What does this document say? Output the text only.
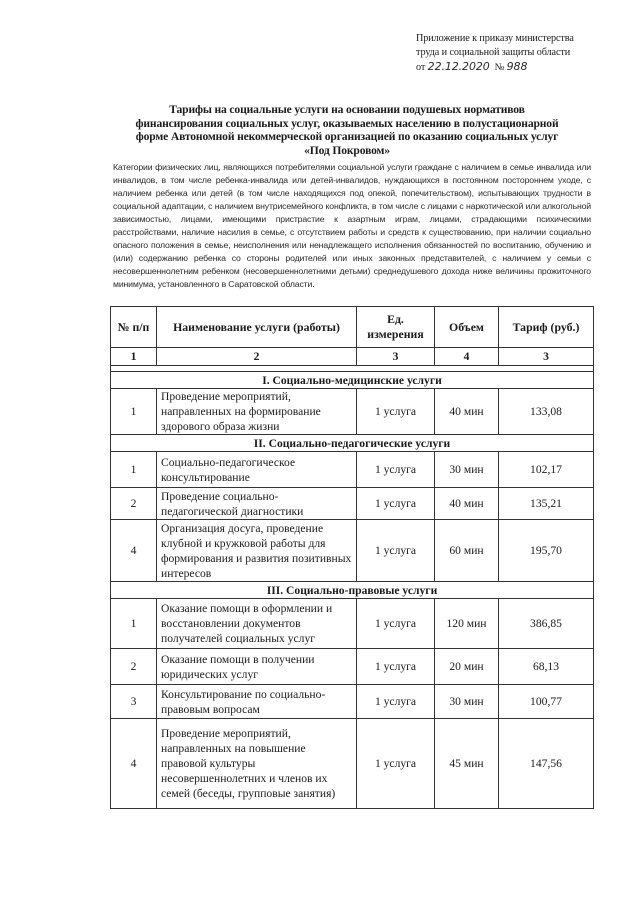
Приложение к приказу министерства
труда и социальной защиты области
от 22.12.2020 № 988
Тарифы на социальные услуги на основании подушевых нормативов
финансирования социальных услуг, оказываемых населению в полустационарной
форме Автономной некоммерческой организацией по оказанию социальных услуг
«Под Покровом»
Категории физических лиц, являющихся потребителями социальной услуги граждане с наличием в семье инвалида или инвалидов, в том числе ребенка-инвалида или детей-инвалидов, нуждающихся в постоянном постороннем уходе, с наличием ребенка или детей (в том числе находящихся под опекой, попечительством), испытывающих трудности в социальной адаптации, с наличием внутрисемейного конфликта, в том числе с лицами с наркотической или алкогольной зависимостью, лицами, имеющими пристрастие к азартным играм, лицами, страдающими психическими расстройствами, наличие насилия в семье, с отсутствием работы и средств к существованию, при наличии социально опасного положения в семье, неисполнения или ненадлежащего исполнения обязанностей по воспитанию, обучению и (или) содержанию ребенка со стороны родителей или иных законных представителей, с наличием у семьи с несовершеннолетним ребенком (несовершеннолетними детьми) среднедушевого дохода ниже величины прожиточного минимума, установленного в Саратовской области.
№ п/п	Наименование услуги (работы)	Ед. измерения	Объем	Тариф (руб.)
1	2	3	4	3

I. Социально-медицинские услуги				
1	Проведение мероприятий, направленных на формирование здорового образа жизни	1 услуга	40 мин	133,08
II. Социально-педагогические услуги				
1	Социально-педагогическое консультирование	1 услуга	30 мин	102,17
2	Проведение социально-педагогической диагностики	1 услуга	40 мин	135,21
4	Организация досуга, проведение клубной и кружковой работы для формирования и развития позитивных интересов	1 услуга	60 мин	195,70
III. Социально-правовые услуги				
1	Оказание помощи в оформлении и восстановлении документов получателей социальных услуг	1 услуга	120 мин	386,85
2	Оказание помощи в получении юридических услуг	1 услуга	20 мин	68,13
3	Консультирование по социально-правовым вопросам	1 услуга	30 мин	100,77
4	Проведение мероприятий, направленных на повышение правовой культуры несовершеннолетних и членов их семей (беседы, групповые занятия)	1 услуга	45 мин	147,56
